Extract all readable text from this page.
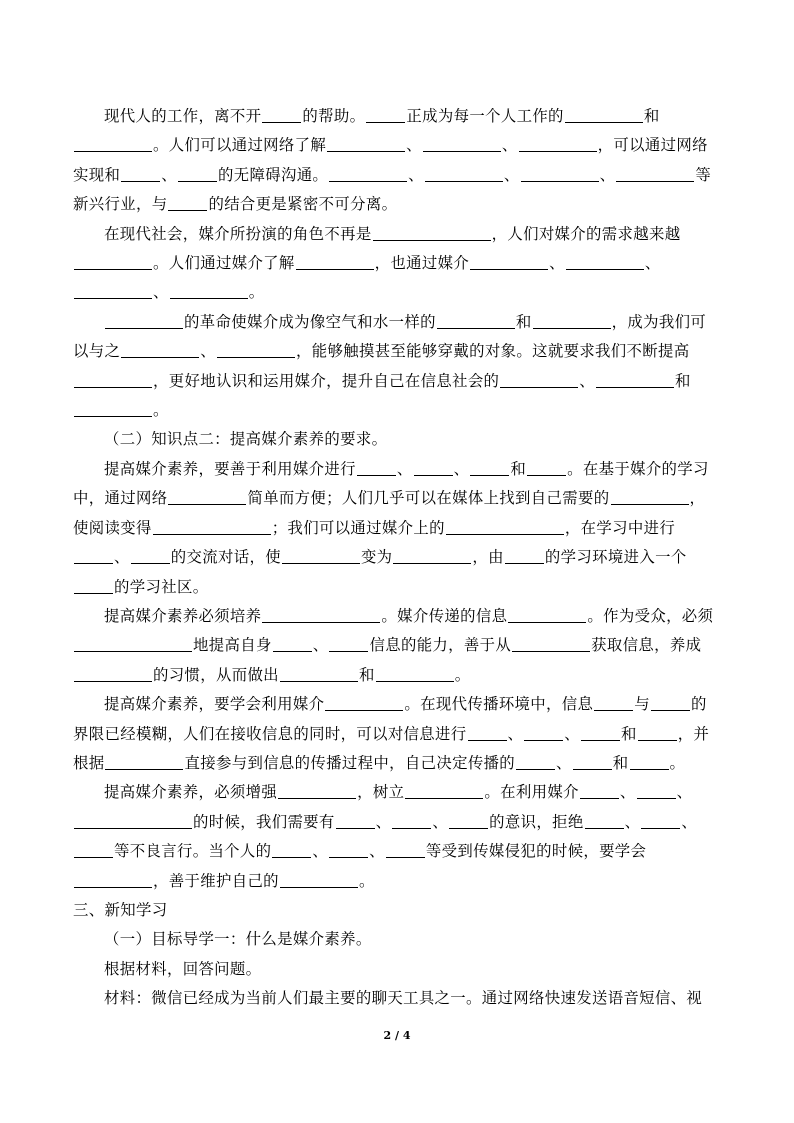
现代人的工作，离不开	的帮助。	正成为每一个人工作的	和

。人们可以通过网络了解	、	、	，可以通过网络

实现和	、	的无障碍沟通。	、	、	、	等

新兴行业，与	的结合更是紧密不可分离。

在现代社会，媒介所扮演的角色不再是	，人们对媒介的需求越来越

。人们通过媒介了解	，也通过媒介	、	、

、	。

的革命使媒介成为像空气和水一样的	和	，成为我们可

以与之	、	，能够触摸甚至能够穿戴的对象。这就要求我们不断提高

，更好地认识和运用媒介，提升自己在信息社会的	、	和

。

（二）知识点二：提高媒介素养的要求。

提高媒介素养，要善于利用媒介进行	、	、	和	。在基于媒介的学习

中，通过网络	简单而方便；人们几乎可以在媒体上找到自己需要的	，

使阅读变得	；我们可以通过媒介上的	，在学习中进行

、	的交流对话，使	变为	，由	的学习环境进入一个

的学习社区。

提高媒介素养必须培养	。媒介传递的信息	。作为受众，必须

地提高自身	、	信息的能力，善于从	获取信息，养成

的习惯，从而做出	和	。

提高媒介素养，要学会利用媒介	。在现代传播环境中，信息	与	的

界限已经模糊，人们在接收信息的同时，可以对信息进行	、	、	和	，并

根据	直接参与到信息的传播过程中，自己决定传播的	、	和	。

提高媒介素养，必须增强	，树立	。在利用媒介	、	、

的时候，我们需要有	、	、	的意识，拒绝	、	、

等不良言行。当个人的	、	、	等受到传媒侵犯的时候，要学会

，善于维护自己的	。

三、新知学习

（一）目标导学一：什么是媒介素养。

根据材料，回答问题。

材料：微信已经成为当前人们最主要的聊天工具之一。通过网络快速发送语音短信、视

2 / 4
